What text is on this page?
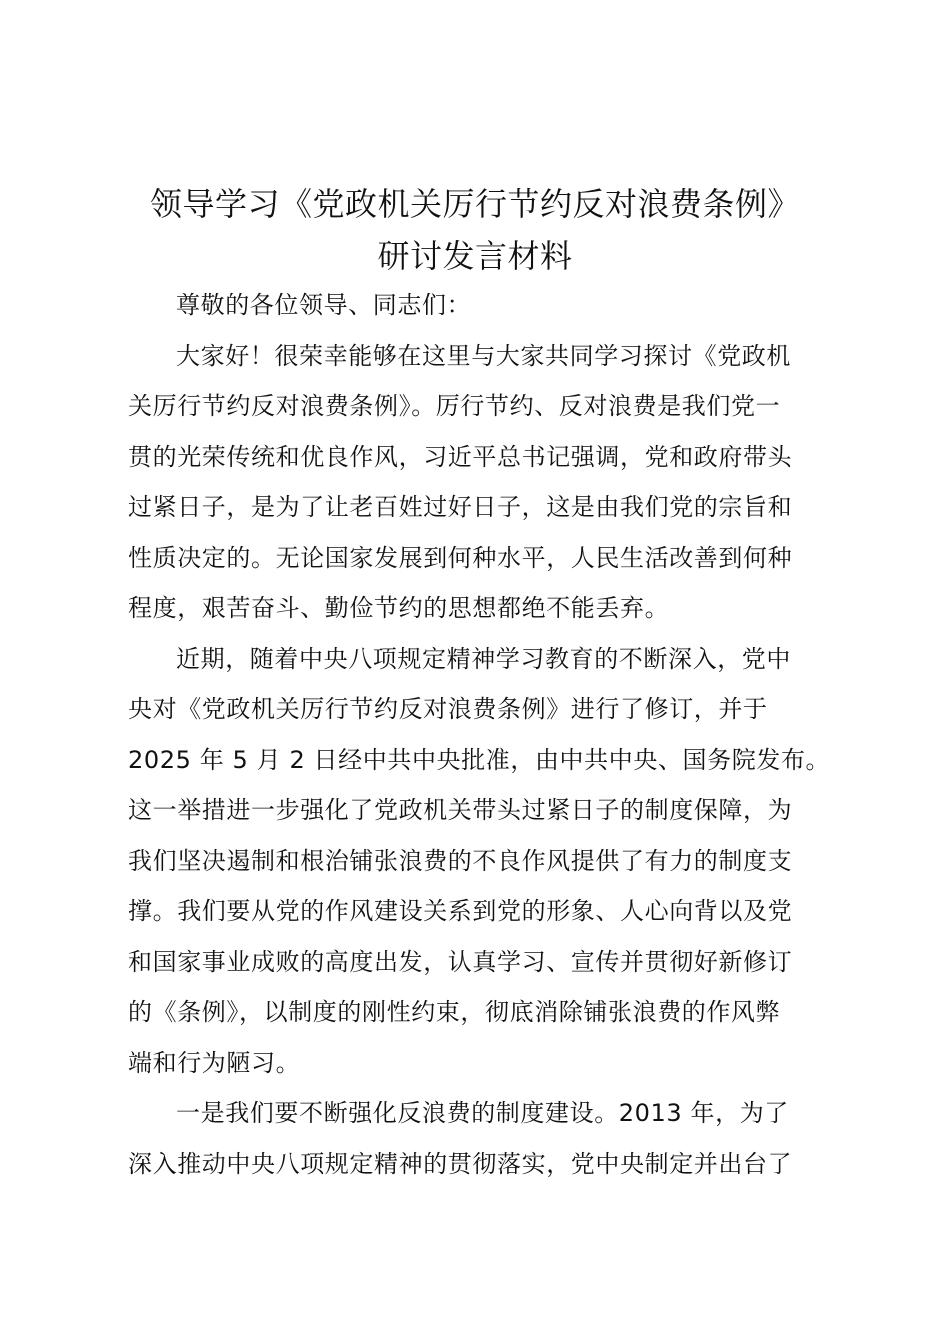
领导学习《党政机关厉行节约反对浪费条例》
研讨发言材料
尊敬的各位领导、同志们：
大家好！很荣幸能够在这里与大家共同学习探讨《党政机
关厉行节约反对浪费条例》。厉行节约、反对浪费是我们党一
贯的光荣传统和优良作风，习近平总书记强调，党和政府带头
过紧日子，是为了让老百姓过好日子，这是由我们党的宗旨和
性质决定的。无论国家发展到何种水平，人民生活改善到何种
程度，艰苦奋斗、勤俭节约的思想都绝不能丢弃。
近期，随着中央八项规定精神学习教育的不断深入，党中
央对《党政机关厉行节约反对浪费条例》进行了修订，并于
2025 年 5 月 2 日经中共中央批准，由中共中央、国务院发布。
这一举措进一步强化了党政机关带头过紧日子的制度保障，为
我们坚决遏制和根治铺张浪费的不良作风提供了有力的制度支
撑。我们要从党的作风建设关系到党的形象、人心向背以及党
和国家事业成败的高度出发，认真学习、宣传并贯彻好新修订
的《条例》，以制度的刚性约束，彻底消除铺张浪费的作风弊
端和行为陋习。
一是我们要不断强化反浪费的制度建设。2013 年，为了
深入推动中央八项规定精神的贯彻落实，党中央制定并出台了
